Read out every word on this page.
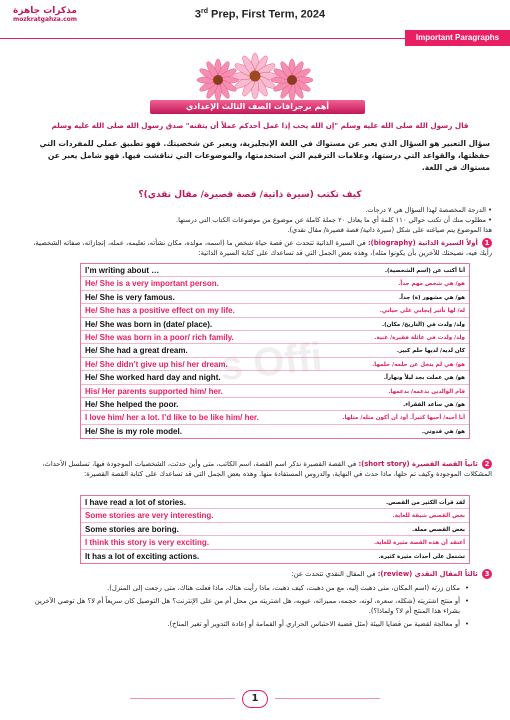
مذكرات جاهزة
mozkratgahza.com	3rd Prep, First Term, 2024
Important Paragraphs
أهم برجرافات الصف الثالث الإعدادي
قال رسول الله صلى الله عليه وسلم "إن الله يحب إذا عمل أحدكم عملاً أن يتقنه" صدق رسول الله صلى الله عليه وسلم
سؤال التعبير هو السؤال الذي يعبر عن مستواك في اللغة الإنجليزية، ويعبر عن شخصيتك. فهو تطبيق عملي للمفردات التي حفظتها، والقواعد التي درستها، وعلامات الترقيم التي استخدمتها، والموضوعات التي تناقشت فيها. فهو شامل يعبر عن مستواك في اللغة.
كيف تكتب (سيرة ذاتية/ قصة قصيرة/ مقال نقدي)؟
• الدرجة المخصصة لهذا السؤال هي ٧ درجات.
• مطلوب منك أن تكتب حوالي ١١٠ كلمة أي ما يعادل ٢٠ جملة كاملة عن موضوع من موضوعات الكتاب التي درستها.
هذا الموضوع يتم صياغته على شكل (سيرة ذاتية/ قصة قصيرة/ مقال نقدي).
1 أولاً السيرة الذاتية (biography): في السيرة الذاتية تتحدث عن قصة حياة شخص ما (اسمه، مولده، مكان نشأته، تعليمه، عمله، إنجازاته، صفاته الشخصية، رأيك فيه، نصيحتك للآخرين بأن يكونوا مثله)، وهذه بعض الجمل التي قد تساعدك على كتابة السيرة الذاتية:
I’m writing about …	أنا أكتب عن (اسم الشخصية).
He/ She is a very important person.	هو/ هي شخص مهم جداً.
He/ She is very famous.	هو/ هي مشهور (ة) جداً.
He/ She has a positive effect on my life.	له/ لها تأثير إيجابي على حياتي.
He/ She was born in (date/ place).	ولد/ ولدت في (التاريخ/ مكان).
He/ She was born in a poor/ rich family.	ولد/ ولدت في عائلة فقيرة/ غنية.
He/ She had a great dream.	كان لديه/ لديها حلم كبير.
He/ She didn’t give up his/ her dream.	هو/ هي لم يتخل عن حلمه/ حلمها.
He/ She worked hard day and night.	هو/ هي عملت بجد ليلاً ونهاراً.
His/ Her parents supported him/ her.	قام الوالدين بدعمه/ بدعمها.
He/ She helped the poor.	هو/ هي ساعد الفقراء.
I love him/ her a lot. I’d like to be like him/ her.	أنا أحبه/ أحبها كثيراً. أود أن أكون مثله/ مثلها.
He/ She is my role model.	هو/ هي قدوتي.
s Offi
2 ثانياً القصة القصيرة (short story): في القصة القصيرة نذكر اسم القصة، اسم الكاتب، متى وأين حدثت، الشخصيات الموجودة فيها، تسلسل الأحداث، المشكلات الموجودة وكيف تم حلها، ماذا حدث في النهاية، والدروس المستفادة منها. وهذه بعض الجمل التي قد تساعدك على كتابة القصة القصيرة:
I have read a lot of stories.	لقد قرأت الكثير من القصص.
Some stories are very interesting.	بعض القصص شيقة للغاية.
Some stories are boring.	بعض القصص مملة.
I think this story is very exciting.	أعتقد أن هذه القصة مثيرة للغاية.
It has a lot of exciting actions.	تشتمل على أحداث مثيرة كثيرة.
3 ثالثاً المقال النقدي (review): في المقال النقدي تتحدث عن:
• مكان زرته (اسم المكان، متى ذهبت إليه، مع من ذهبت، كيف ذهبت، ماذا رأيت هناك، ماذا فعلت هناك، متى رجعت إلى المنزل).
• أو منتج اشتريته (شكله، سعره، لونه، حجمه، مميزاته، عيوبه، هل اشتريته من محل أم من على الإنترنت؟ هل التوصيل كان سريعاً أم لا؟ هل توصي الآخرين بشراء هذا المنتج أم لا؟ ولماذا؟).
• أو معالجة لقضية من قضايا البيئة (مثل قضية الاحتباس الحراري أو القمامة أو إعادة التدوير أو تغير المناخ).
1
